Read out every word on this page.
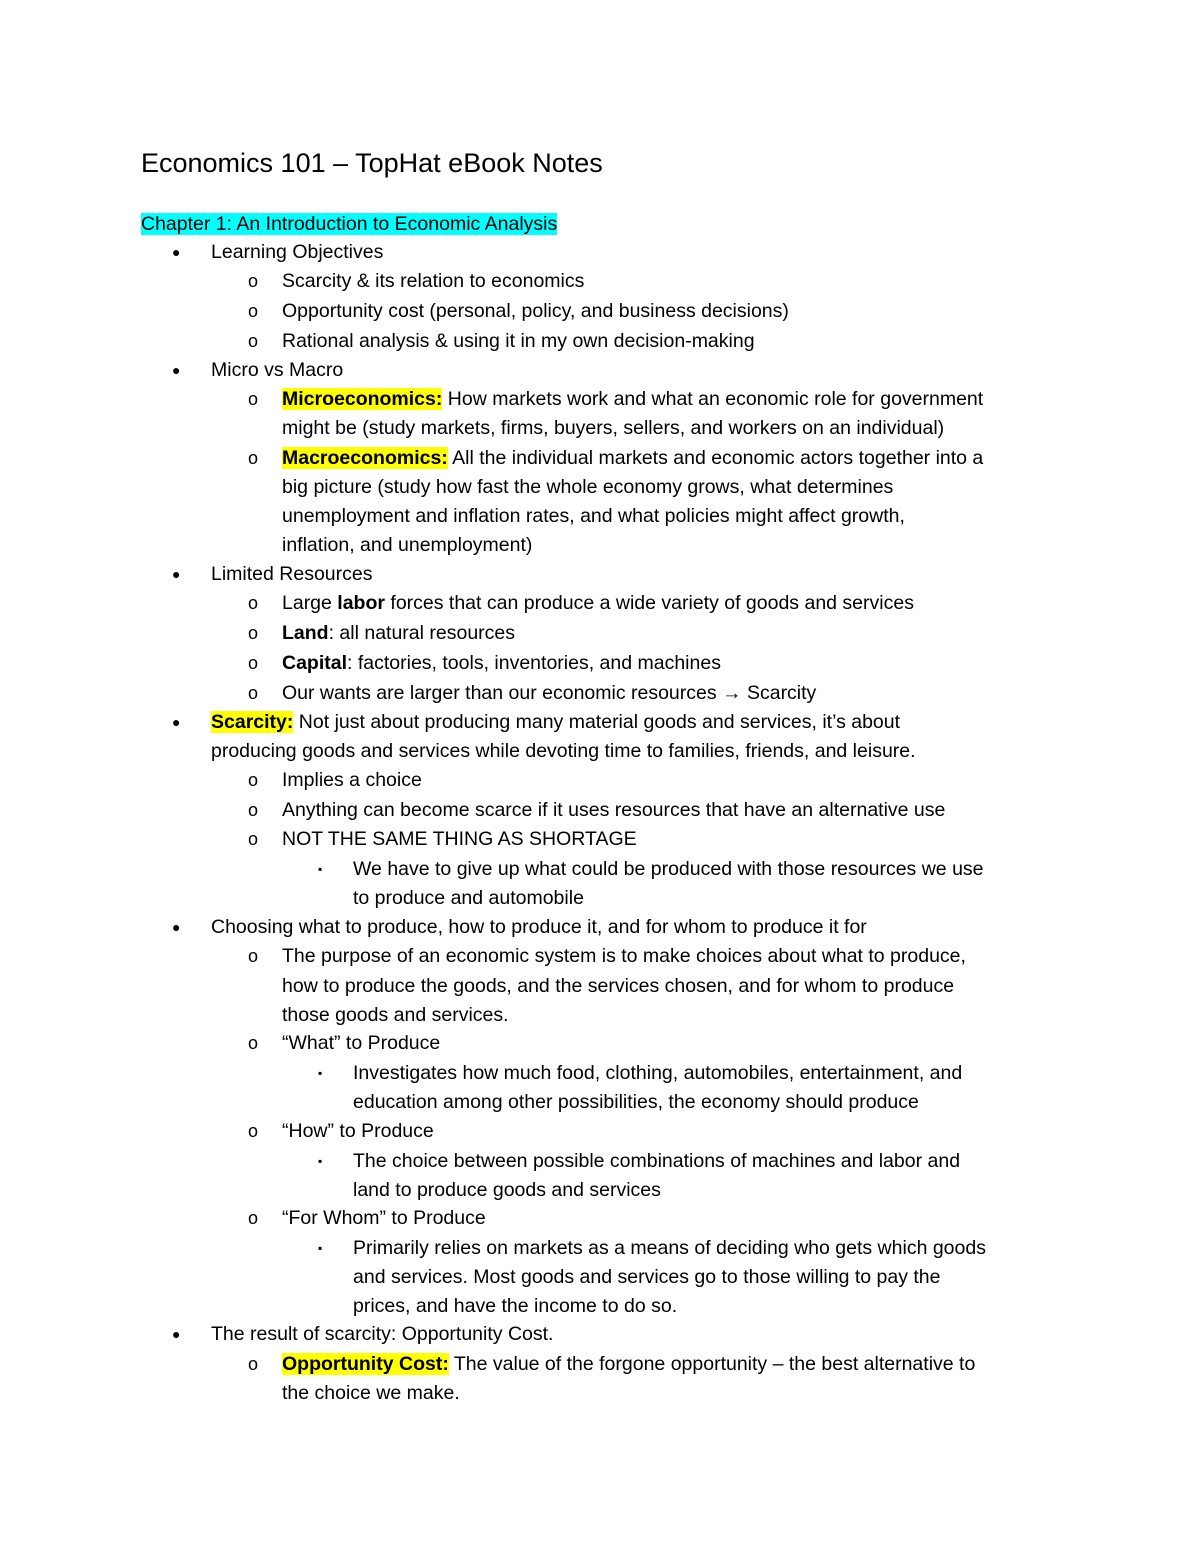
Economics 101 – TopHat eBook Notes
Chapter 1: An Introduction to Economic Analysis
● Learning Objectives
o Scarcity & its relation to economics
o Opportunity cost (personal, policy, and business decisions)
o Rational analysis & using it in my own decision-making
● Micro vs Macro
o Microeconomics: How markets work and what an economic role for government
might be (study markets, firms, buyers, sellers, and workers on an individual)
o Macroeconomics: All the individual markets and economic actors together into a
big picture (study how fast the whole economy grows, what determines
unemployment and inflation rates, and what policies might affect growth,
inflation, and unemployment)
● Limited Resources
o Large labor forces that can produce a wide variety of goods and services
o Land: all natural resources
o Capital: factories, tools, inventories, and machines
o Our wants are larger than our economic resources → Scarcity
● Scarcity: Not just about producing many material goods and services, it’s about
producing goods and services while devoting time to families, friends, and leisure.
o Implies a choice
o Anything can become scarce if it uses resources that have an alternative use
o NOT THE SAME THING AS SHORTAGE
▪ We have to give up what could be produced with those resources we use
to produce and automobile
● Choosing what to produce, how to produce it, and for whom to produce it for
o The purpose of an economic system is to make choices about what to produce,
how to produce the goods, and the services chosen, and for whom to produce
those goods and services.
o “What” to Produce
▪ Investigates how much food, clothing, automobiles, entertainment, and
education among other possibilities, the economy should produce
o “How” to Produce
▪ The choice between possible combinations of machines and labor and
land to produce goods and services
o “For Whom” to Produce
▪ Primarily relies on markets as a means of deciding who gets which goods
and services. Most goods and services go to those willing to pay the
prices, and have the income to do so.
● The result of scarcity: Opportunity Cost.
o Opportunity Cost: The value of the forgone opportunity – the best alternative to
the choice we make.
